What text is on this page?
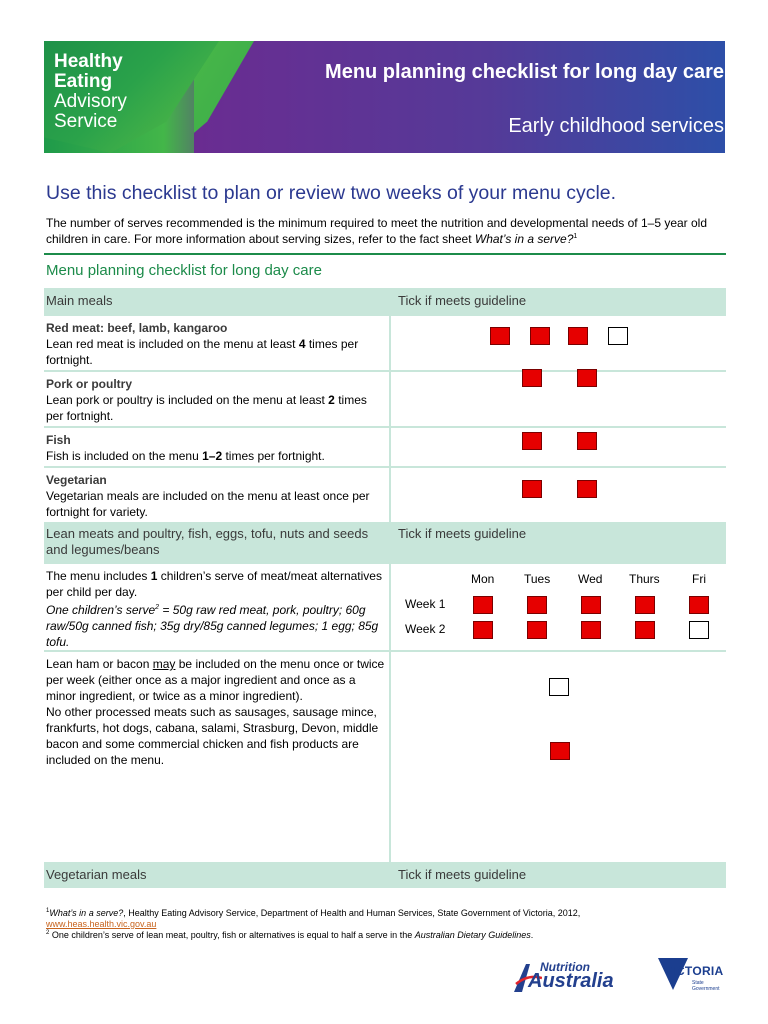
Healthy
Eating
Advisory
Service
Menu planning checklist for long day care
Early childhood services
Use this checklist to plan or review two weeks of your menu cycle.
The number of serves recommended is the minimum required to meet the nutrition and developmental needs of 1–5 year old children in care. For more information about serving sizes, refer to the fact sheet What’s in a serve?$^1$
Menu planning checklist for long day care
Main meals	Tick if meets guideline
Red meat: beef, lamb, kangaroo
Lean red meat is included on the menu at least 4 times per fortnight.
Pork or poultry
Lean pork or poultry is included on the menu at least 2 times per fortnight.
Fish
Fish is included on the menu 1–2 times per fortnight.
Vegetarian
Vegetarian meals are included on the menu at least once per fortnight for variety.
Lean meats and poultry, fish, eggs, tofu, nuts and seeds and legumes/beans
Tick if meets guideline
The menu includes 1 children’s serve of meat/meat alternatives per child per day.
One children’s serve$^2$ = 50g raw red meat, pork, poultry; 60g raw/50g canned fish; 35g dry/85g canned legumes; 1 egg; 85g tofu.
Mon Tues Wed Thurs	Fri
Week 1
Week 2
Lean ham or bacon may be included on the menu once or twice per week (either once as a major ingredient and once as a minor ingredient, or twice as a minor ingredient).
No other processed meats such as sausages, sausage mince, frankfurts, hot dogs, cabana, salami, Strasburg, Devon, middle bacon and some commercial chicken and fish products are included on the menu.
Vegetarian meals	Tick if meets guideline
$^1$What’s in a serve?, Healthy Eating Advisory Service, Department of Health and Human Services, State Government of Victoria, 2012,
www.heas.health.vic.gov.au
$^2$ One children’s serve of lean meat, poultry, fish or alternatives is equal to half a serve in the Australian Dietary Guidelines.
Nutrition
Australia	VICTORIA
State
Government
